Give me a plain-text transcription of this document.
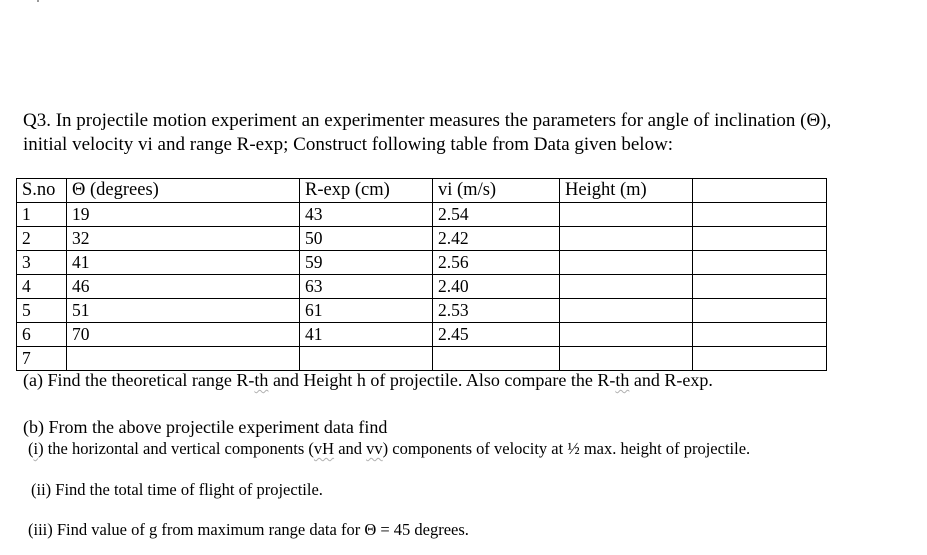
Q3. In projectile motion experiment an experimenter measures the parameters for angle of inclination (Θ),
initial velocity vi and range R-exp; Construct following table from Data given below:
S.no	Θ (degrees)	R-exp (cm)	vi (m/s)	Height (m)	
1	19	43	2.54		
2	32	50	2.42		
3	41	59	2.56		
4	46	63	2.40		
5	51	61	2.53		
6	70	41	2.45		
7					
(a) Find the theoretical range R-th and Height h of projectile. Also compare the R-th and R-exp.
(b) From the above projectile experiment data find
(i) the horizontal and vertical components (vH and vv) components of velocity at ½ max. height of projectile.
(ii) Find the total time of flight of projectile.
(iii) Find value of g from maximum range data for Θ = 45 degrees.
